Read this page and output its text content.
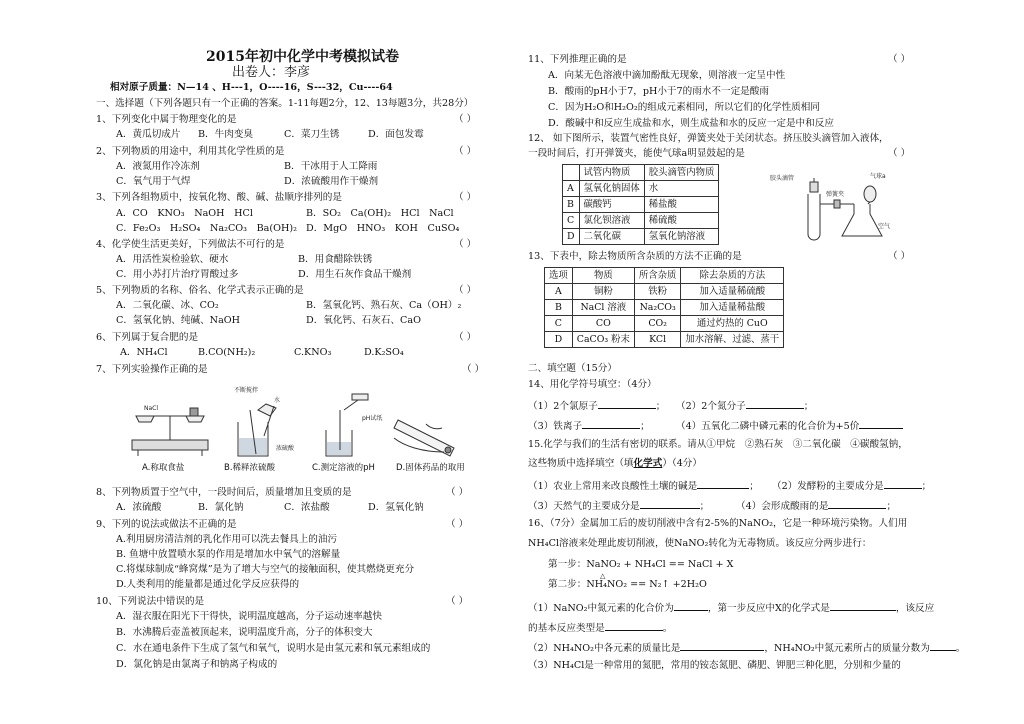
2015年初中化学中考模拟试卷
出卷人：李彦
相对原子质量：N—14 、H---1，O----16，S---32，Cu----64
一、选择题（下列各题只有一个正确的答案。1-11每题2分，12、13每题3分，共28分）
1、下列变化中属于物理变化的是	（ ）
A．黄瓜切成片 B．牛肉变臭	C．菜刀生锈	D．面包发霉
2、下列物质的用途中，利用其化学性质的是	（ ）
A．液氮用作冷冻剂	B．干冰用于人工降雨
C．氧气用于气焊	D．浓硫酸用作干燥剂
3、下列各组物质中，按氧化物、酸、碱、盐顺序排列的是	（ ）
A．CO　KNO₃　NaOH　HCl	B．SO₂　Ca(OH)₂　HCl　NaCl
C．Fe₂O₃　H₂SO₄　Na₂CO₃　Ba(OH)₂ D．MgO　HNO₃　KOH　CuSO₄
4、化学使生活更美好，下列做法不可行的是	（ ）
A．用活性炭检验软、硬水	B．用食醋除铁锈
C．用小苏打片治疗胃酸过多	D．用生石灰作食品干燥剂
5、下列物质的名称、俗名、化学式表示正确的是	（ ）
A．二氧化碳、冰、CO₂	B．氢氧化钙、熟石灰、Ca（OH）₂
C．氢氧化钠、纯碱、NaOH	D．氧化钙、石灰石、CaO
6、下列属于复合肥的是	（ ）
A．NH₄Cl	B.CO(NH₂)₂	C.KNO₃	D.K₂SO₄
7、下列实验操作正确的是	（ ）
NaCl
不断搅拌
水
浓硫酸
pH试纸
A.称取食盐	B.稀释浓硫酸	C.测定溶液的pH D.固体药品的取用
8、下列物质置于空气中，一段时间后，质量增加且变质的是	（ ）
A．浓硫酸	B．氯化钠	C．浓盐酸	D．氢氧化钠
9、下列的说法或做法不正确的是	（ ）
A.利用厨房清洁剂的乳化作用可以洗去餐具上的油污
B. 鱼塘中放置喷水泵的作用是增加水中氧气的溶解量
C.将煤球制成“蜂窝煤”是为了增大与空气的接触面积，使其燃烧更充分
D.人类利用的能量都是通过化学反应获得的
10、下列说法中错误的是	（ ）
A．湿衣服在阳光下干得快，说明温度越高，分子运动速率越快
B．水沸腾后壶盖被顶起来，说明温度升高，分子的体积变大
C．水在通电条件下生成了氢气和氧气，说明水是由氢元素和氧元素组成的
D．氯化钠是由氯离子和钠离子构成的
11、下列推理正确的是	（ ）
A．向某无色溶液中滴加酚酞无现象，则溶液一定呈中性
B．酸雨的pH小于7，pH小于7的雨水不一定是酸雨
C．因为H₂O和H₂O₂的组成元素相同，所以它们的化学性质相同
D．酸碱中和反应生成盐和水，则生成盐和水的反应一定是中和反应
12、 如下图所示，装置气密性良好，弹簧夹处于关闭状态。挤压胶头滴管加入液体，
一段时间后，打开弹簧夹，能使气球a明显鼓起的是	（ ）
	试管内物质	胶头滴管内物质
A	氢氧化钠固体	水
B	碳酸钙	稀盐酸
C	氯化钡溶液	稀硫酸
D	二氧化碳	氢氧化钠溶液
胶头滴管
弹簧夹
气球a
空气
13、下表中，除去物质所含杂质的方法不正确的是	（ ）
选项	物质	所含杂质	除去杂质的方法
A	铜粉	铁粉	加入适量稀硫酸
B	NaCl 溶液	Na₂CO₃	加入适量稀盐酸
C	CO	CO₂	通过灼热的 CuO
D	CaCO₃ 粉末	KCl	加水溶解、过滤、蒸干
二、填空题（15分）
14、用化学符号填空：（4分）
（1）2个氯原子	； （2）2个氮分子	；
（3）铁离子	；	（4）五氧化二磷中磷元素的化合价为+5价
15.化学与我们的生活有密切的联系。请从①甲烷　②熟石灰　③二氧化碳　④碳酸氢钠，
这些物质中选择填空（填化学式）（4分）
（1）农业上常用来改良酸性土壤的碱是	； （2）发酵粉的主要成分是	；
（3）天然气的主要成分是	；	（4）会形成酸雨的是	；
16、（7分）金属加工后的废切削液中含有2-5%的NaNO₂，它是一种环境污染物。人们用
NH₄Cl溶液来处理此废切削液，使NaNO₂转化为无毒物质。该反应分两步进行：
第一步：NaNO₂ + NH₄Cl == NaCl + X
△
第二步：NH₄NO₂ == N₂↑ +2H₂O
（1）NaNO₂中氮元素的化合价为	，第一步反应中X的化学式是	，该反应
的基本反应类型是	。
（2）NH₄NO₂中各元素的质量比是	，NH₄NO₂中氮元素所占的质量分数为	。
（3）NH₄Cl是一种常用的氮肥，常用的铵态氮肥、磷肥、钾肥三种化肥，分别和少量的
